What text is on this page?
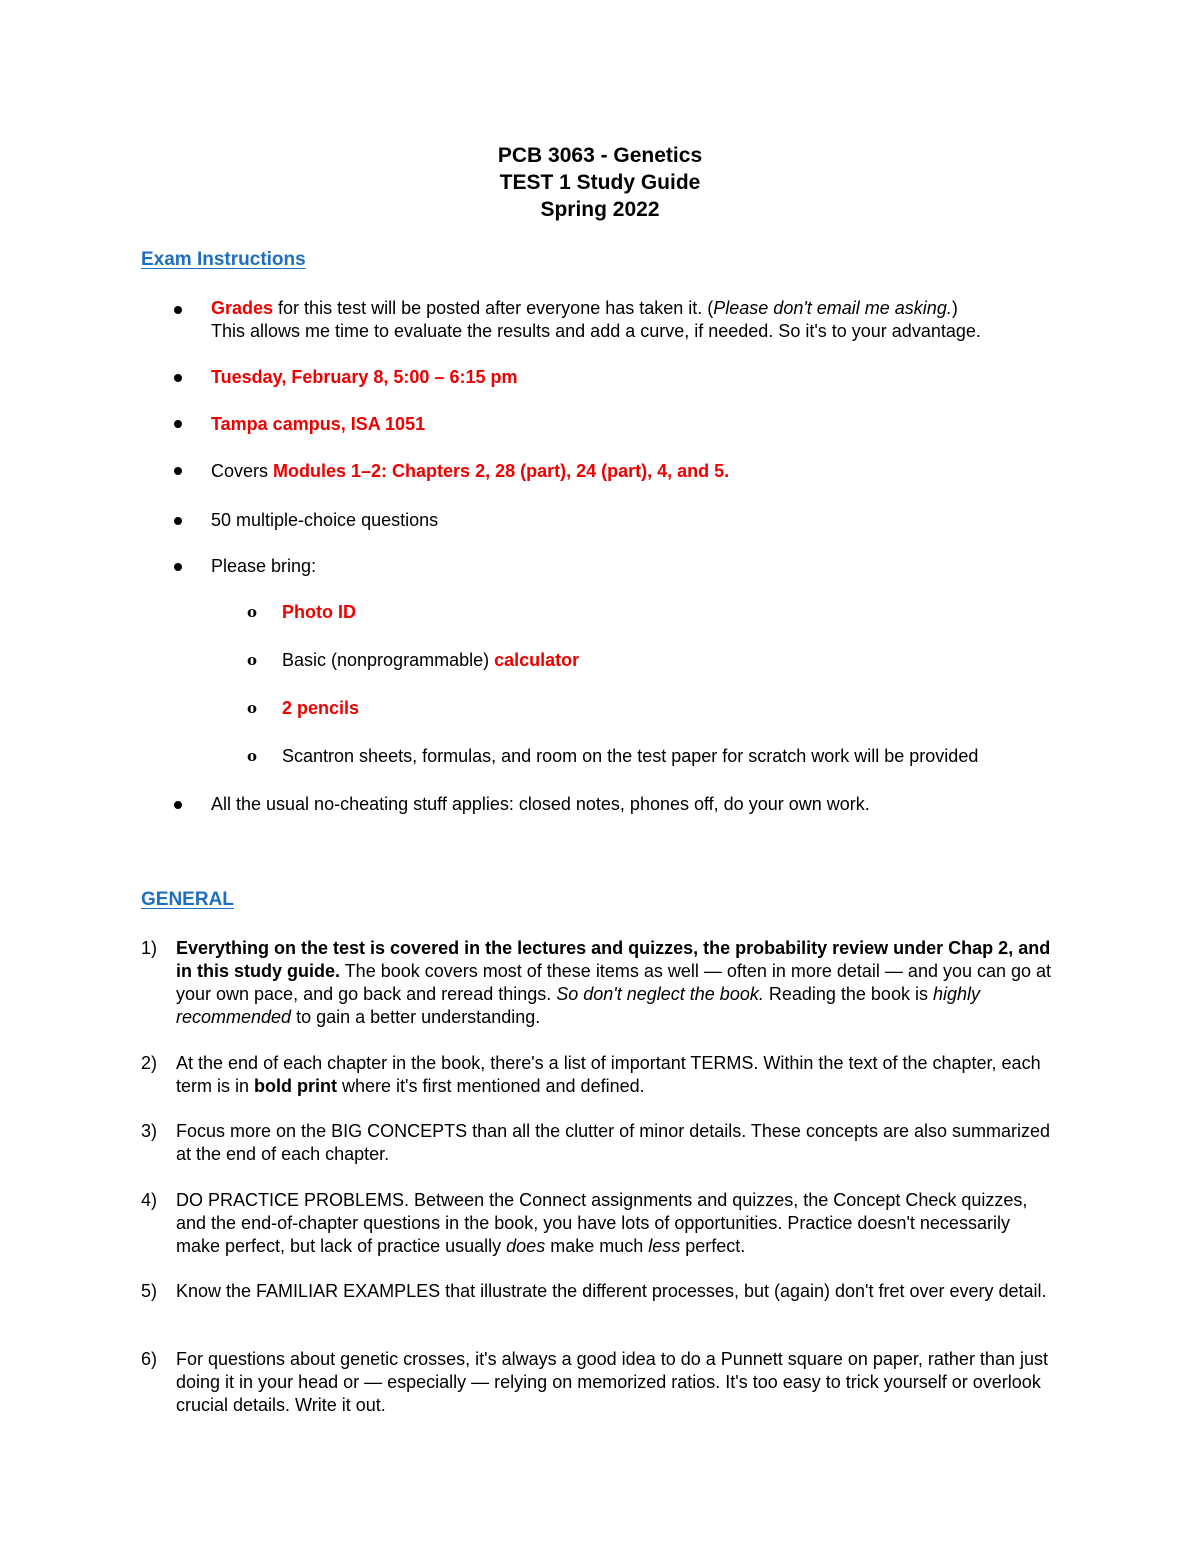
PCB 3063 - Genetics
TEST 1 Study Guide
Spring 2022
Exam Instructions
Grades for this test will be posted after everyone has taken it. (Please don't email me asking.)
This allows me time to evaluate the results and add a curve, if needed. So it's to your advantage.
Tuesday, February 8, 5:00 – 6:15 pm
Tampa campus, ISA 1051
Covers Modules 1–2: Chapters 2, 28 (part), 24 (part), 4, and 5.
50 multiple-choice questions
Please bring:
o Photo ID
o Basic (nonprogrammable) calculator
o 2 pencils
o Scantron sheets, formulas, and room on the test paper for scratch work will be provided
All the usual no-cheating stuff applies: closed notes, phones off, do your own work.
GENERAL
1) Everything on the test is covered in the lectures and quizzes, the probability review under Chap 2, and in this study guide. The book covers most of these items as well — often in more detail — and you can go at your own pace, and go back and reread things. So don't neglect the book. Reading the book is highly recommended to gain a better understanding.
2) At the end of each chapter in the book, there's a list of important TERMS. Within the text of the chapter, each term is in bold print where it's first mentioned and defined.
3) Focus more on the BIG CONCEPTS than all the clutter of minor details. These concepts are also summarized at the end of each chapter.
4) DO PRACTICE PROBLEMS. Between the Connect assignments and quizzes, the Concept Check quizzes, and the end-of-chapter questions in the book, you have lots of opportunities. Practice doesn't necessarily make perfect, but lack of practice usually does make much less perfect.
5) Know the FAMILIAR EXAMPLES that illustrate the different processes, but (again) don't fret over every detail.
6) For questions about genetic crosses, it's always a good idea to do a Punnett square on paper, rather than just doing it in your head or — especially — relying on memorized ratios. It's too easy to trick yourself or overlook crucial details. Write it out.
